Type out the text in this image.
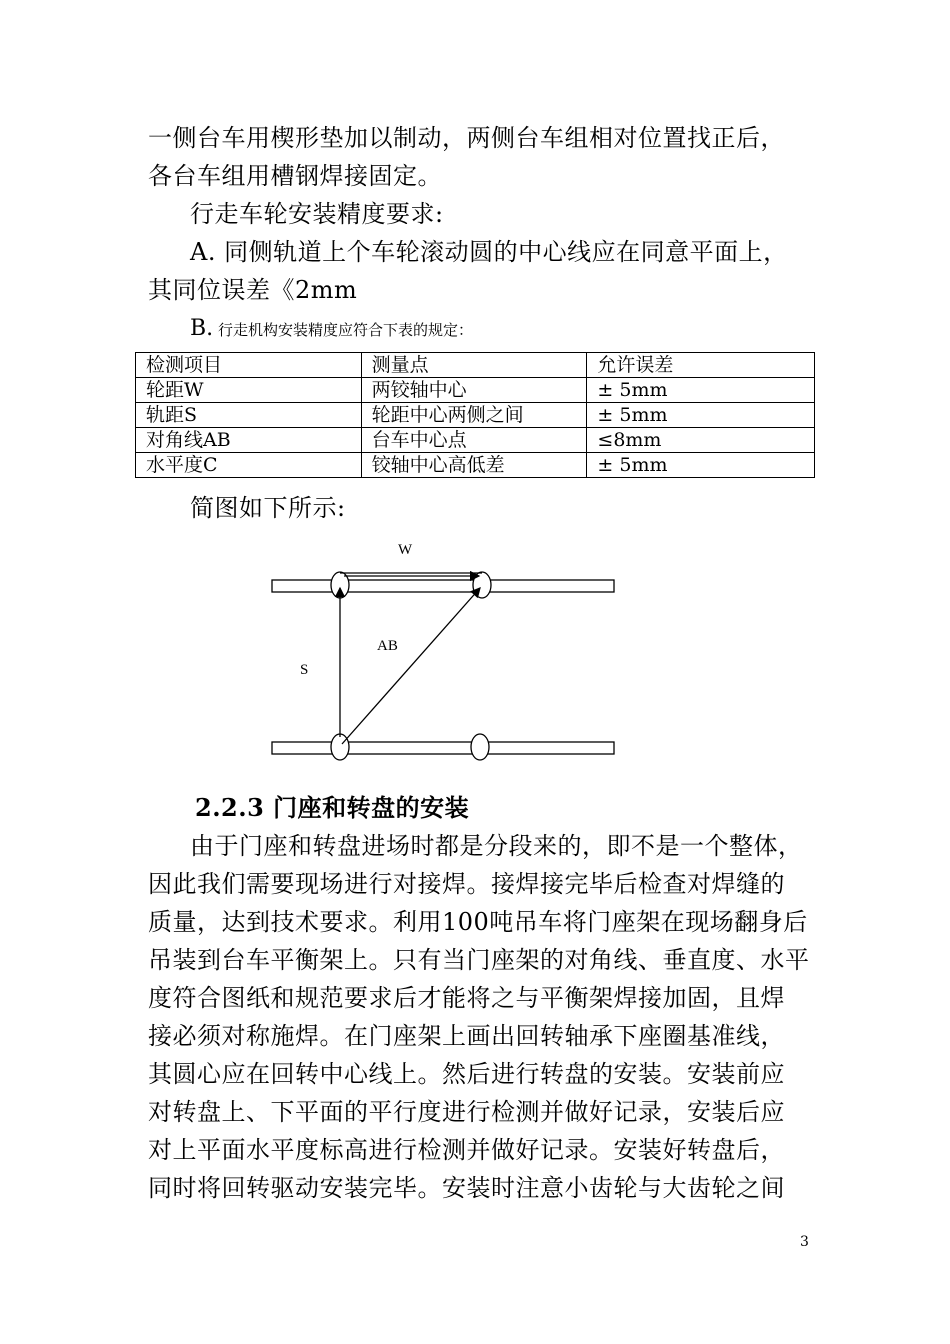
一侧台车用楔形垫加以制动，两侧台车组相对位置找正后，
各台车组用槽钢焊接固定。
行走车轮安装精度要求:
A. 同侧轨道上个车轮滚动圆的中心线应在同意平面上，
其同位误差《2mm
B. 行走机构安装精度应符合下表的规定：
检测项目	测量点	允许误差
轮距W	两铰轴中心	± 5mm
轨距S	轮距中心两侧之间	± 5mm
对角线AB	台车中心点	≤8mm
水平度C	铰轴中心高低差	± 5mm
简图如下所示:
W
S
AB
2.2.3 门座和转盘的安装
由于门座和转盘进场时都是分段来的，即不是一个整体，
因此我们需要现场进行对接焊。接焊接完毕后检查对焊缝的
质量，达到技术要求。利用100吨吊车将门座架在现场翻身后
吊装到台车平衡架上。只有当门座架的对角线、垂直度、水平
度符合图纸和规范要求后才能将之与平衡架焊接加固，且焊
接必须对称施焊。在门座架上画出回转轴承下座圈基准线，
其圆心应在回转中心线上。然后进行转盘的安装。安装前应
对转盘上、下平面的平行度进行检测并做好记录，安装后应
对上平面水平度标高进行检测并做好记录。安装好转盘后，
同时将回转驱动安装完毕。安装时注意小齿轮与大齿轮之间
3
